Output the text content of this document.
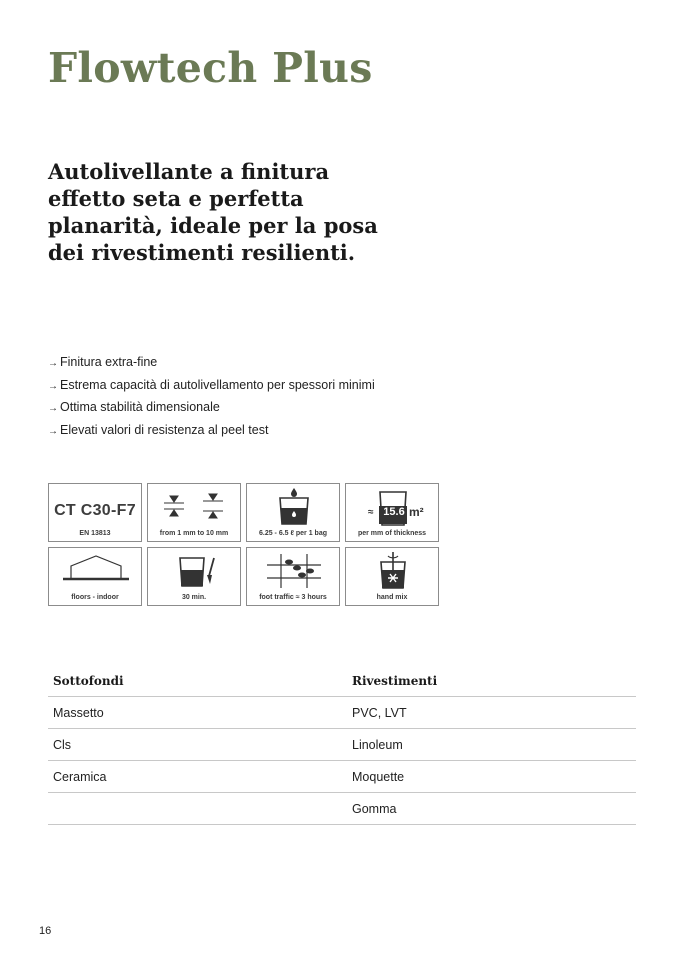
Flowtech Plus

Autolivellante a finitura effetto seta e perfetta planarità, ideale per la posa dei rivestimenti resilienti.

→ Finitura extra-fine
→ Estrema capacità di autolivellamento per spessori minimi
→ Ottima stabilità dimensionale
→ Elevati valori di resistenza al peel test
CT C30-F7
EN 13813	from 1 mm to 10 mm	6.25 - 6.5 ℓ per 1 bag
≈ 15.6 m²
per mm of thickness
floors - indoor	30 min.	foot traffic ≈ 3 hours	hand mix
Sottofondi	Rivestimenti
Massetto	PVC, LVT
Cls	Linoleum
Ceramica	Moquette
	Gomma
16
